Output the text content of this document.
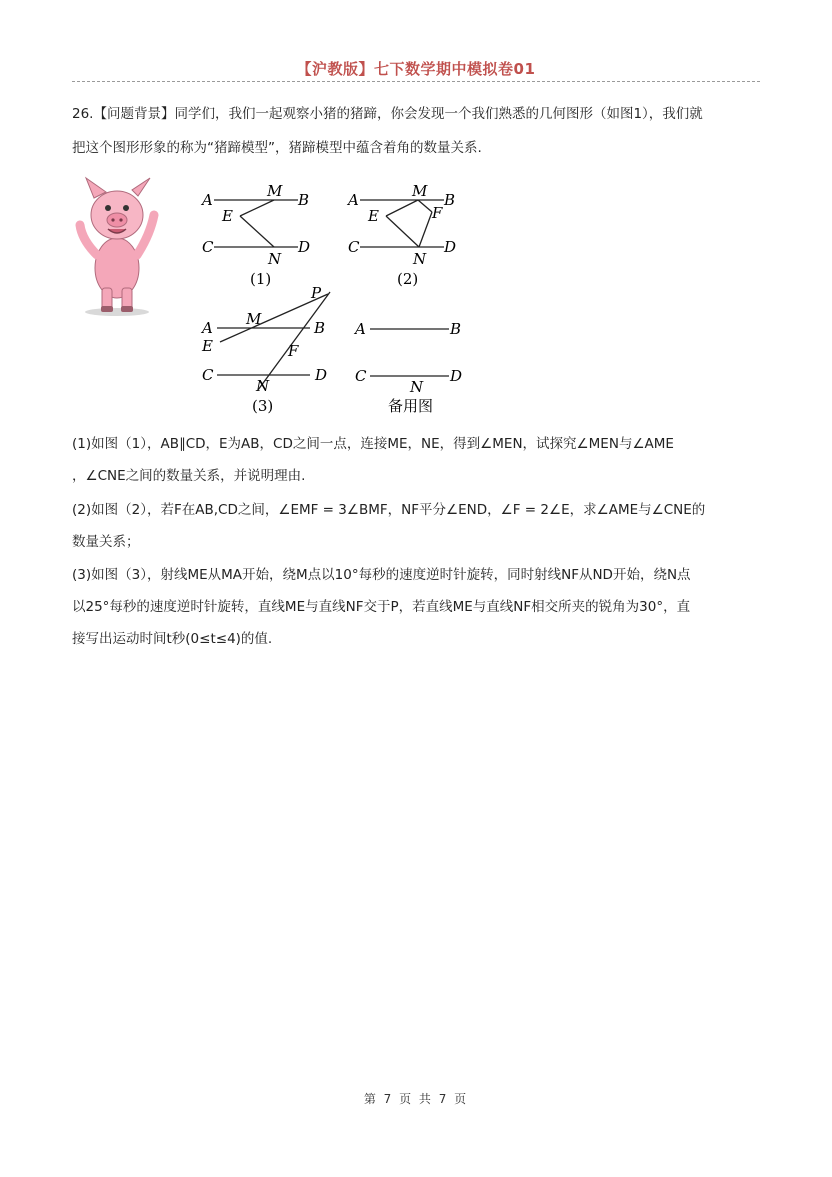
【沪教版】七下数学期中模拟卷01
26.【问题背景】同学们，我们一起观察小猪的猪蹄，你会发现一个我们熟悉的几何图形（如图1），我们就
把这个图形形象的称为“猪蹄模型”，猪蹄模型中蕴含着角的数量关系.
A	M B
E
C	D
N
(1)
A	M B
E	F
C	D
N
(2)
P
A M	B
E	F
C	D
N
(3)
A	B
C	D
N
备用图
(1)如图（1），AB∥CD，E为AB，CD之间一点，连接ME，NE，得到∠MEN，试探究∠MEN与∠AME
，∠CNE之间的数量关系，并说明理由.
(2)如图（2），若F在AB,CD之间，∠EMF = 3∠BMF，NF平分∠END，∠F = 2∠E，求∠AME与∠CNE的
数量关系；
(3)如图（3），射线ME从MA开始，绕M点以10°每秒的速度逆时针旋转，同时射线NF从ND开始，绕N点
以25°每秒的速度逆时针旋转，直线ME与直线NF交于P，若直线ME与直线NF相交所夹的锐角为30°，直
接写出运动时间t秒(0≤t≤4)的值.
第 7 页 共 7 页
